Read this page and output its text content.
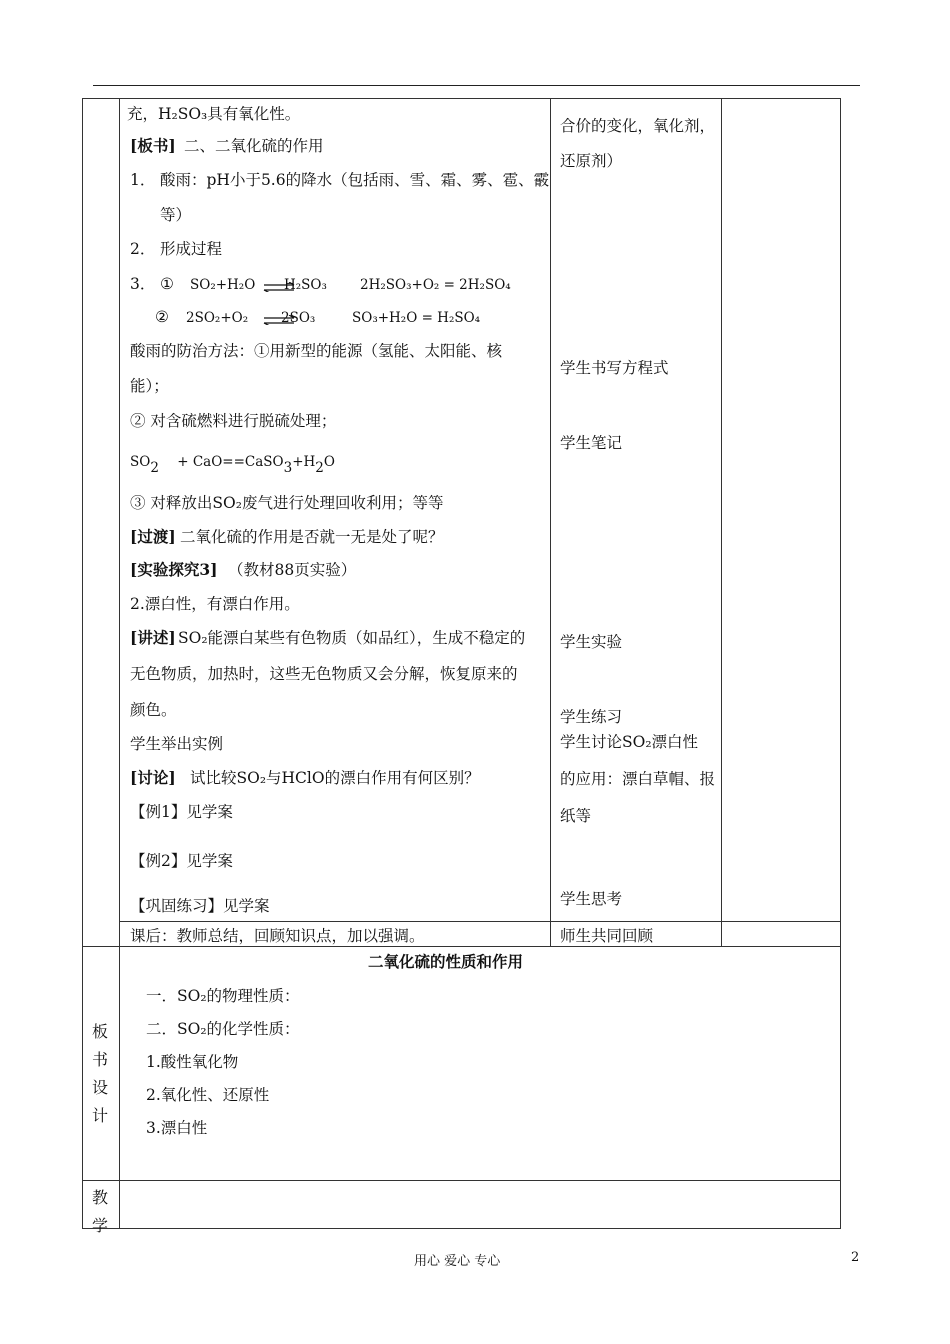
充，H₂SO₃具有氧化性。
[板书] 二、二氧化硫的作用
1． 酸雨：pH小于5.6的降水（包括雨、雪、霜、雾、雹、霰
等）
2． 形成过程
3． ① SO₂+H₂O ⇌
H₂SO₃ 2H₂SO₃+O₂ = 2H₂SO₄
② 2SO₂+O₂ ⇌
2SO₃	SO₃+H₂O = H₂SO₄
酸雨的防治方法：①用新型的能源（氢能、太阳能、核
能）；
② 对含硫燃料进行脱硫处理；
SO2 + CaO==CaSO3+H2O
③ 对释放出SO₂废气进行处理回收利用；等等
[过渡] 二氧化硫的作用是否就一无是处了呢？
[实验探究3] （教材88页实验）
2.漂白性，有漂白作用。
[讲述] SO₂能漂白某些有色物质（如品红），生成不稳定的
无色物质，加热时，这些无色物质又会分解，恢复原来的
颜色。
学生举出实例
[讨论] 试比较SO₂与HClO的漂白作用有何区别？
【例1】见学案
【例2】见学案
【巩固练习】见学案
课后：教师总结，回顾知识点，加以强调。
合价的变化，氧化剂，
还原剂）
学生书写方程式
学生笔记
学生实验
学生练习
学生讨论SO₂漂白性
的应用：漂白草帽、报
纸等
学生思考
师生共同回顾
板书设计
二氧化硫的性质和作用
一．SO₂的物理性质：
二．SO₂的化学性质：
1.酸性氧化物
2.氧化性、还原性
3.漂白性
教学
用心 爱心 专心	2
